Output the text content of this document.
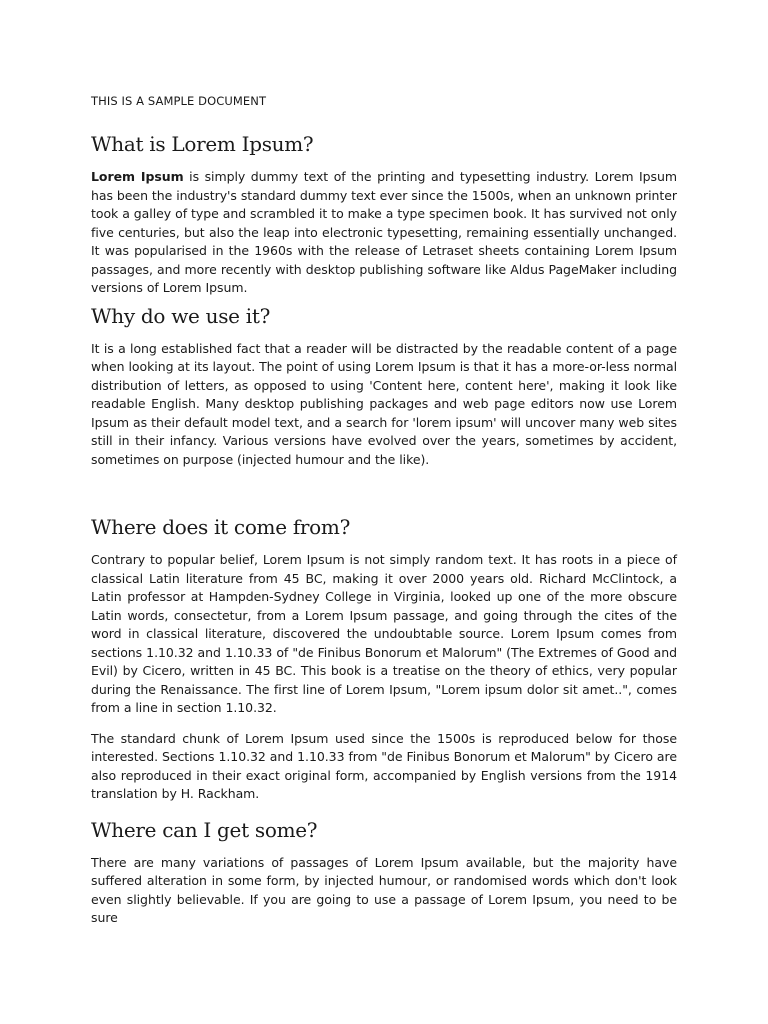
THIS IS A SAMPLE DOCUMENT
What is Lorem Ipsum?

Lorem Ipsum is simply dummy text of the printing and typesetting industry. Lorem Ipsum has been the industry's standard dummy text ever since the 1500s, when an unknown printer took a galley of type and scrambled it to make a type specimen book. It has survived not only five centuries, but also the leap into electronic typesetting, remaining essentially unchanged. It was popularised in the 1960s with the release of Letraset sheets containing Lorem Ipsum passages, and more recently with desktop publishing software like Aldus PageMaker including versions of Lorem Ipsum.

Why do we use it?

It is a long established fact that a reader will be distracted by the readable content of a page when looking at its layout. The point of using Lorem Ipsum is that it has a more-or-less normal distribution of letters, as opposed to using 'Content here, content here', making it look like readable English. Many desktop publishing packages and web page editors now use Lorem Ipsum as their default model text, and a search for 'lorem ipsum' will uncover many web sites still in their infancy. Various versions have evolved over the years, sometimes by accident, sometimes on purpose (injected humour and the like).

Where does it come from?

Contrary to popular belief, Lorem Ipsum is not simply random text. It has roots in a piece of classical Latin literature from 45 BC, making it over 2000 years old. Richard McClintock, a Latin professor at Hampden-Sydney College in Virginia, looked up one of the more obscure Latin words, consectetur, from a Lorem Ipsum passage, and going through the cites of the word in classical literature, discovered the undoubtable source. Lorem Ipsum comes from sections 1.10.32 and 1.10.33 of "de Finibus Bonorum et Malorum" (The Extremes of Good and Evil) by Cicero, written in 45 BC. This book is a treatise on the theory of ethics, very popular during the Renaissance. The first line of Lorem Ipsum, "Lorem ipsum dolor sit amet..", comes from a line in section 1.10.32.

The standard chunk of Lorem Ipsum used since the 1500s is reproduced below for those interested. Sections 1.10.32 and 1.10.33 from "de Finibus Bonorum et Malorum" by Cicero are also reproduced in their exact original form, accompanied by English versions from the 1914 translation by H. Rackham.

Where can I get some?

There are many variations of passages of Lorem Ipsum available, but the majority have suffered alteration in some form, by injected humour, or randomised words which don't look even slightly believable. If you are going to use a passage of Lorem Ipsum, you need to be sure
